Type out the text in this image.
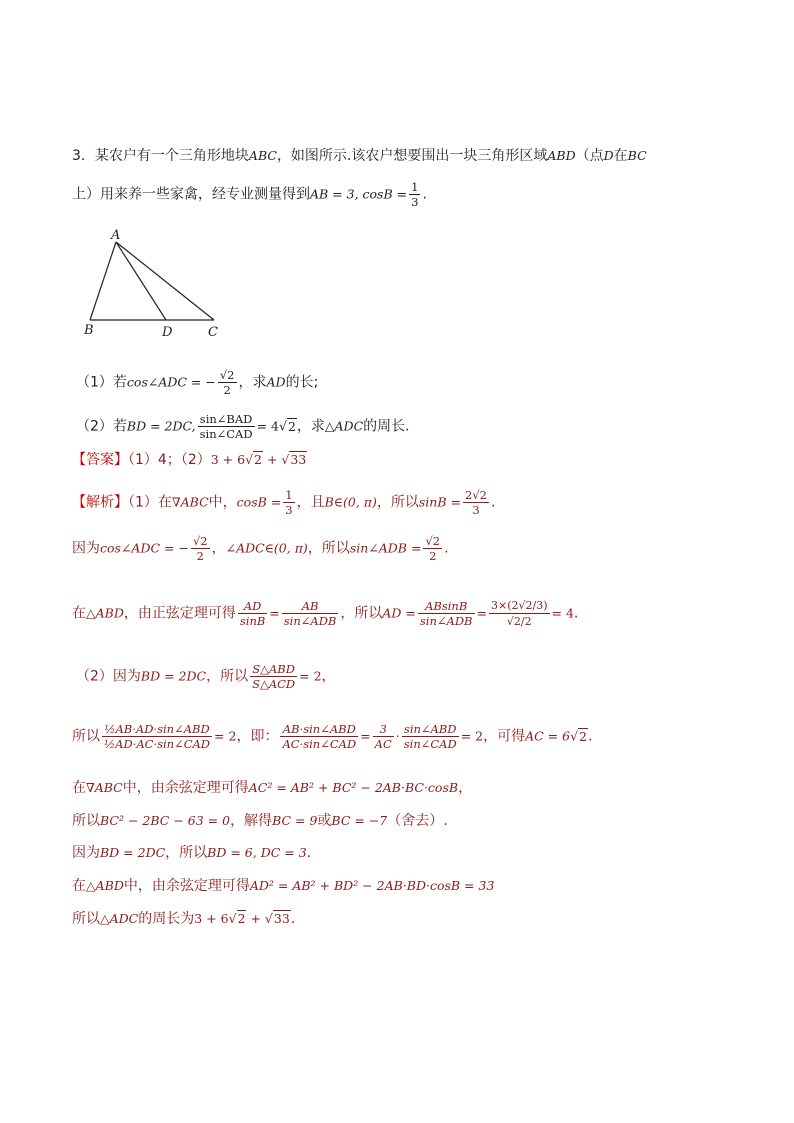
3．某农户有一个三角形地块ABC，如图所示.该农户想要围出一块三角形区域ABD（点D在BC
上）用来养一些家禽，经专业测量得到AB = 3, $\cos B = \frac{1}{3}$ .
A
B	D	C
（1）若cos∠ADC = − $\frac{√2}{2}$ ，求AD的长;
（2）若BD = 2DC, $\frac{\text{sin∠BAD}}{\text{sin∠CAD}} = 4√2$，求△ADC的周长.
【答案】（1）4；（2）3 + 6√2 + √33
【解析】（1）在∇ABC中，$\cos B = \frac{1}{3}$ ，且B∈(0, π)，所以$\sin B = \frac{2√2}{3}$ .
因为cos∠ADC = − $\frac{√2}{2}$ ，∠ADC∈(0, π)，所以sin∠ADB = $\frac{√2}{2}$ .
在△ABD，由正弦定理可得 $\frac{AD}{\sin B} = \frac{AB}{\text{sin∠ADB}}$ ，所以AD = $\frac{ABsinB}{\text{sin∠ADB}} = \frac{3\times(2√2/3)}{√2/2} = 4$.
（2）因为BD = 2DC，所以 $\frac{\text{S△ABD}}{\text{S△ACD}} = 2$，
所以 $\frac{\text{½AB·AD·sin∠ABD}}{\text{½AD·AC·sin∠CAD}} = 2$，即： $\frac{\text{AB·sin∠ABD}}{\text{AC·sin∠CAD}} = \frac{3}{AC} \cdot \frac{\text{sin∠ABD}}{\text{sin∠CAD}} = 2$，可得AC = 6√2.
在∇ABC中，由余弦定理可得AC² = AB² + BC² − 2AB·BC·cosB，
所以BC² − 2BC − 63 = 0，解得BC = 9或BC = −7（舍去）.
因为BD = 2DC，所以BD = 6, DC = 3.
在△ABD中，由余弦定理可得AD² = AB² + BD² − 2AB·BD·cosB = 33
所以△ADC的周长为3 + 6√2 + √33.
